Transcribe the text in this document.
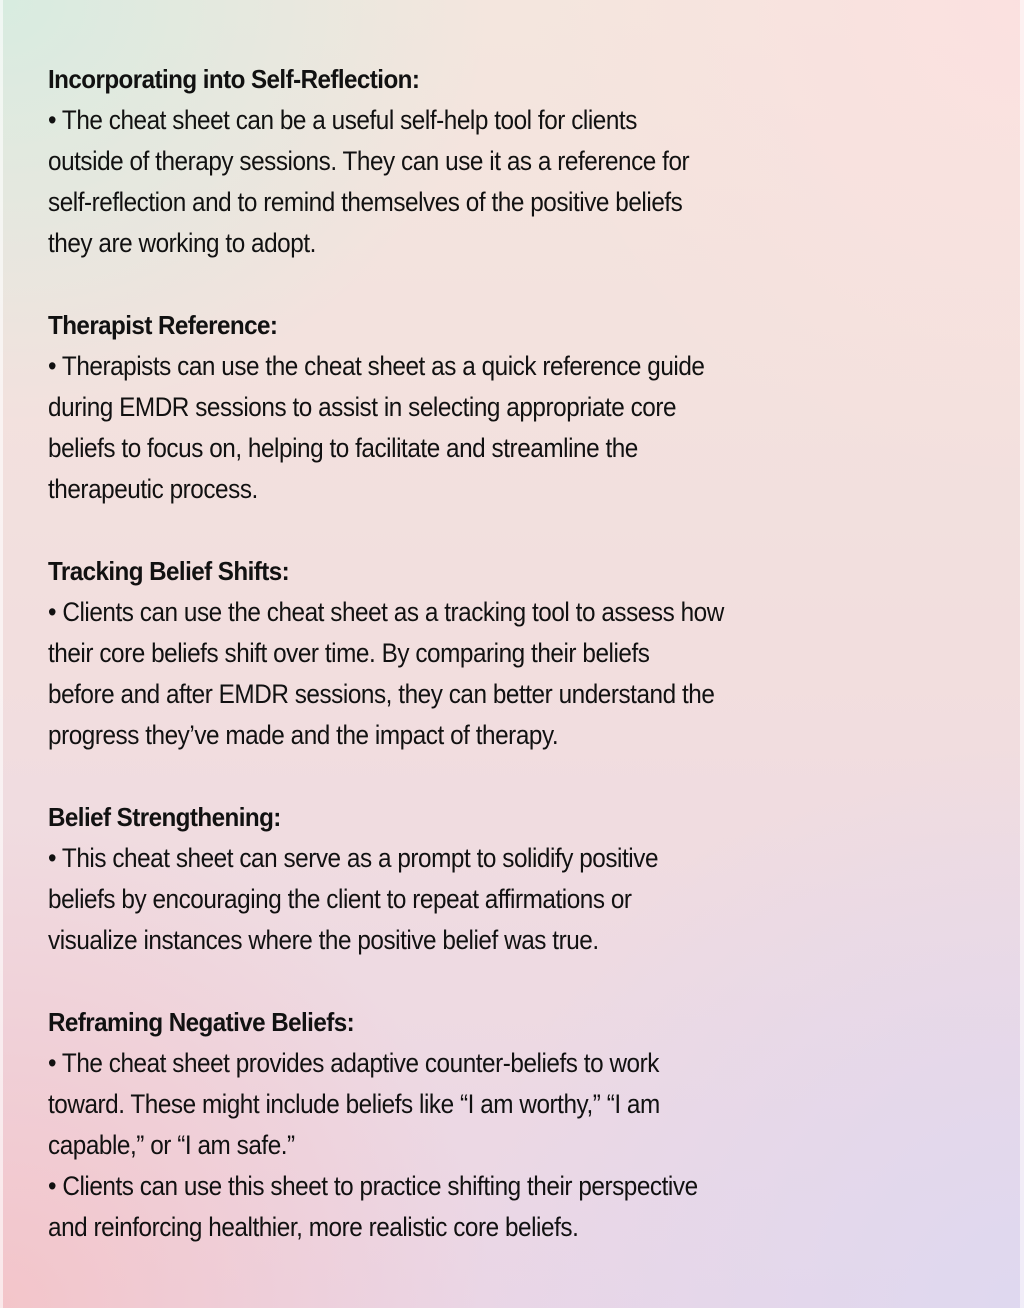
Incorporating into Self-Reflection:
• The cheat sheet can be a useful self-help tool for clients
outside of therapy sessions. They can use it as a reference for
self-reflection and to remind themselves of the positive beliefs
they are working to adopt.
Therapist Reference:
• Therapists can use the cheat sheet as a quick reference guide
during EMDR sessions to assist in selecting appropriate core
beliefs to focus on, helping to facilitate and streamline the
therapeutic process.
Tracking Belief Shifts:
• Clients can use the cheat sheet as a tracking tool to assess how
their core beliefs shift over time. By comparing their beliefs
before and after EMDR sessions, they can better understand the
progress they’ve made and the impact of therapy.
Belief Strengthening:
• This cheat sheet can serve as a prompt to solidify positive
beliefs by encouraging the client to repeat affirmations or
visualize instances where the positive belief was true.
Reframing Negative Beliefs:
• The cheat sheet provides adaptive counter-beliefs to work
toward. These might include beliefs like “I am worthy,” “I am
capable,” or “I am safe.”
• Clients can use this sheet to practice shifting their perspective
and reinforcing healthier, more realistic core beliefs.
